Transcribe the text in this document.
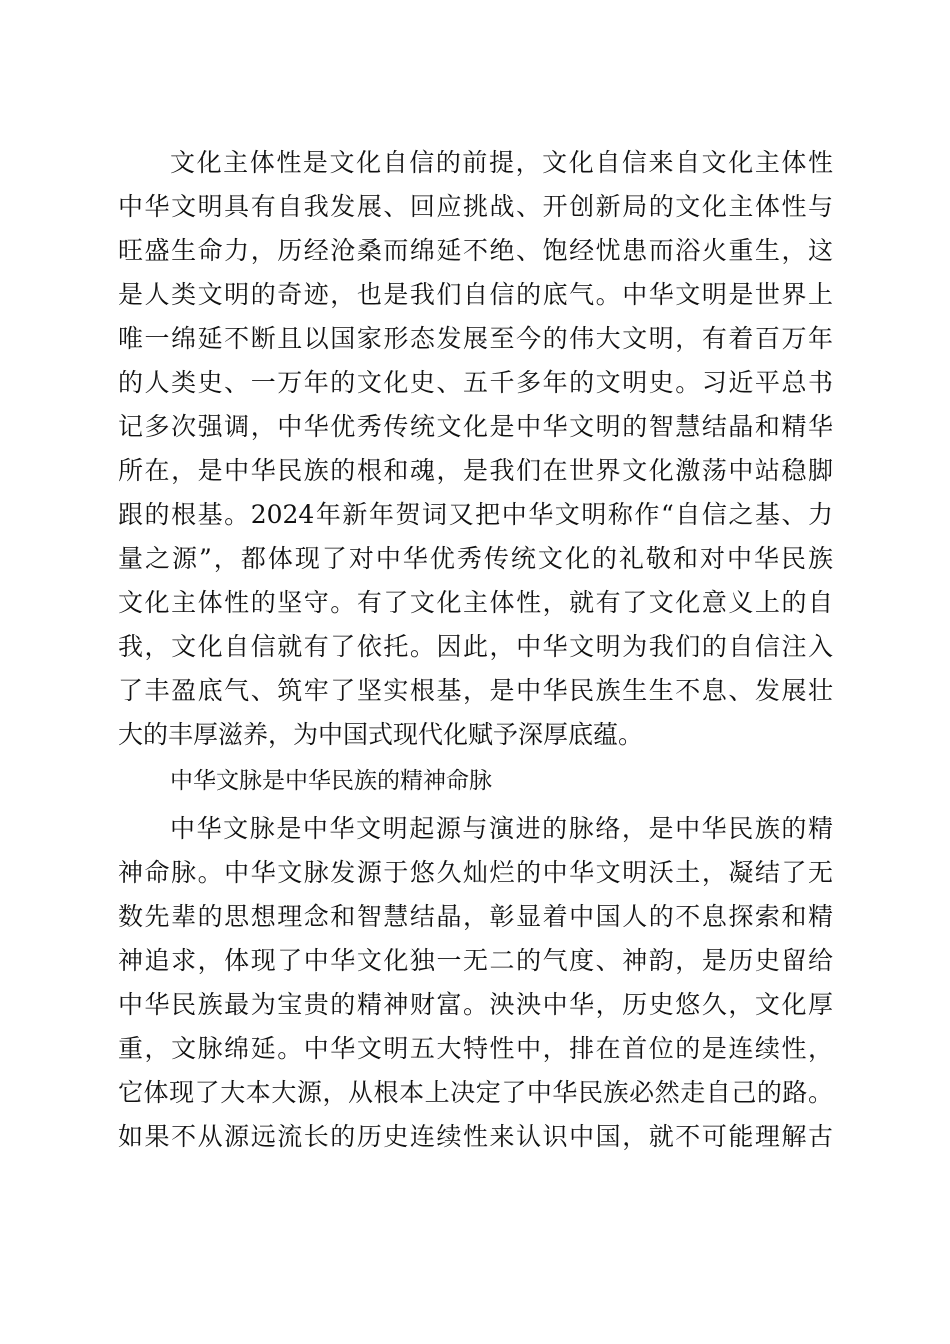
文化主体性是文化自信的前提，文化自信来自文化主体性
中华文明具有自我发展、回应挑战、开创新局的文化主体性与
旺盛生命力，历经沧桑而绵延不绝、饱经忧患而浴火重生，这
是人类文明的奇迹，也是我们自信的底气。中华文明是世界上
唯一绵延不断且以国家形态发展至今的伟大文明，有着百万年
的人类史、一万年的文化史、五千多年的文明史。习近平总书
记多次强调，中华优秀传统文化是中华文明的智慧结晶和精华
所在，是中华民族的根和魂，是我们在世界文化激荡中站稳脚
跟的根基。2024年新年贺词又把中华文明称作“自信之基、力
量之源”，都体现了对中华优秀传统文化的礼敬和对中华民族
文化主体性的坚守。有了文化主体性，就有了文化意义上的自
我，文化自信就有了依托。因此，中华文明为我们的自信注入
了丰盈底气、筑牢了坚实根基，是中华民族生生不息、发展壮
大的丰厚滋养，为中国式现代化赋予深厚底蕴。
中华文脉是中华民族的精神命脉
中华文脉是中华文明起源与演进的脉络，是中华民族的精
神命脉。中华文脉发源于悠久灿烂的中华文明沃土，凝结了无
数先辈的思想理念和智慧结晶，彰显着中国人的不息探索和精
神追求，体现了中华文化独一无二的气度、神韵，是历史留给
中华民族最为宝贵的精神财富。泱泱中华，历史悠久，文化厚
重，文脉绵延。中华文明五大特性中，排在首位的是连续性，
它体现了大本大源，从根本上决定了中华民族必然走自己的路。
如果不从源远流长的历史连续性来认识中国，就不可能理解古
